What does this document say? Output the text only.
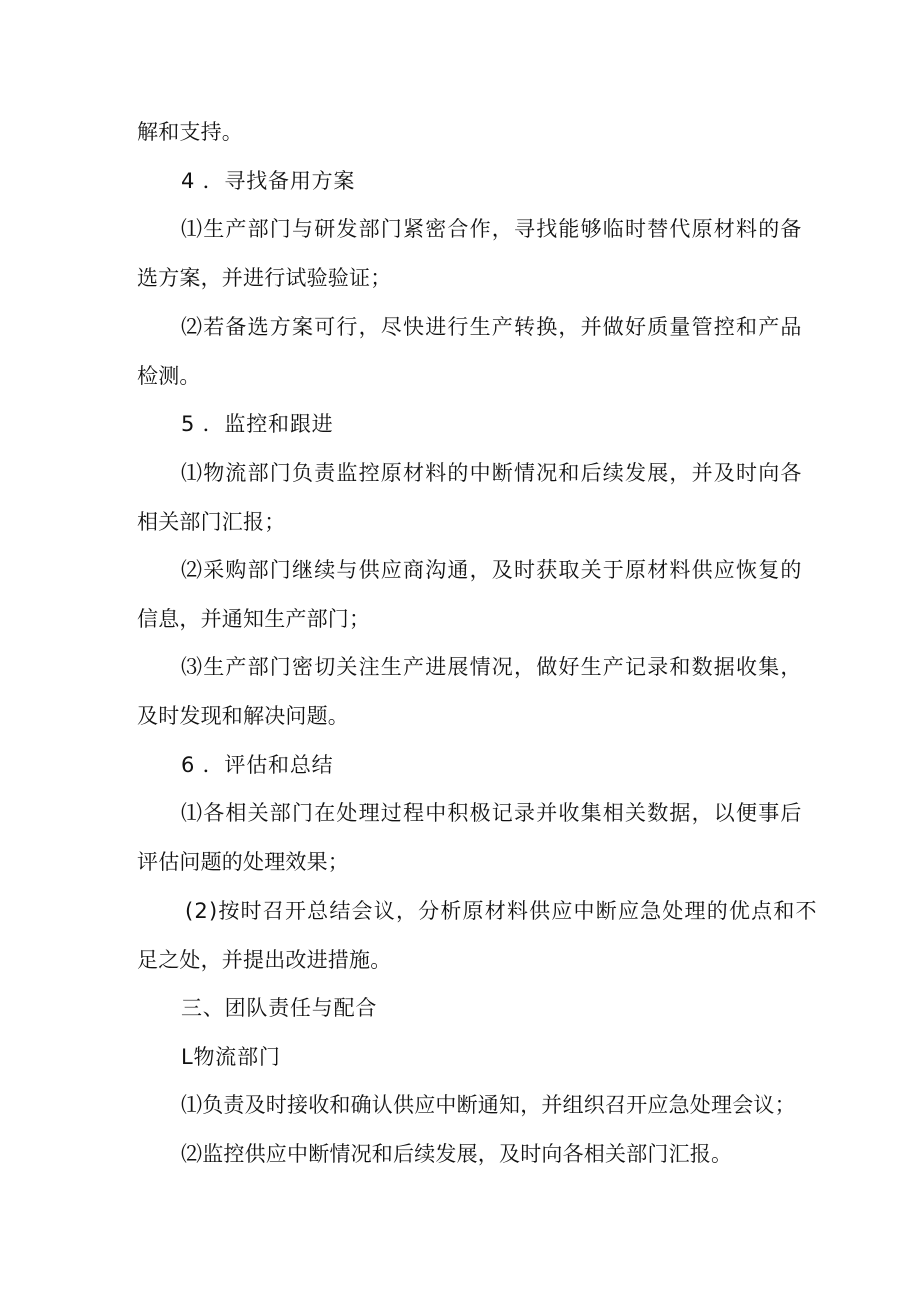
解和支持。
4 ．寻找备用方案
⑴生产部门与研发部门紧密合作，寻找能够临时替代原材料的备
选方案，并进行试验验证；
⑵若备选方案可行，尽快进行生产转换，并做好质量管控和产品
检测。
5 ．监控和跟进
⑴物流部门负责监控原材料的中断情况和后续发展，并及时向各
相关部门汇报；
⑵采购部门继续与供应商沟通，及时获取关于原材料供应恢复的
信息，并通知生产部门；
⑶生产部门密切关注生产进展情况，做好生产记录和数据收集，
及时发现和解决问题。
6 ．评估和总结
⑴各相关部门在处理过程中积极记录并收集相关数据，以便事后
评估问题的处理效果；
(2)按时召开总结会议，分析原材料供应中断应急处理的优点和不
足之处，并提出改进措施。
三、团队责任与配合
L物流部门
⑴负责及时接收和确认供应中断通知，并组织召开应急处理会议；
⑵监控供应中断情况和后续发展，及时向各相关部门汇报。
